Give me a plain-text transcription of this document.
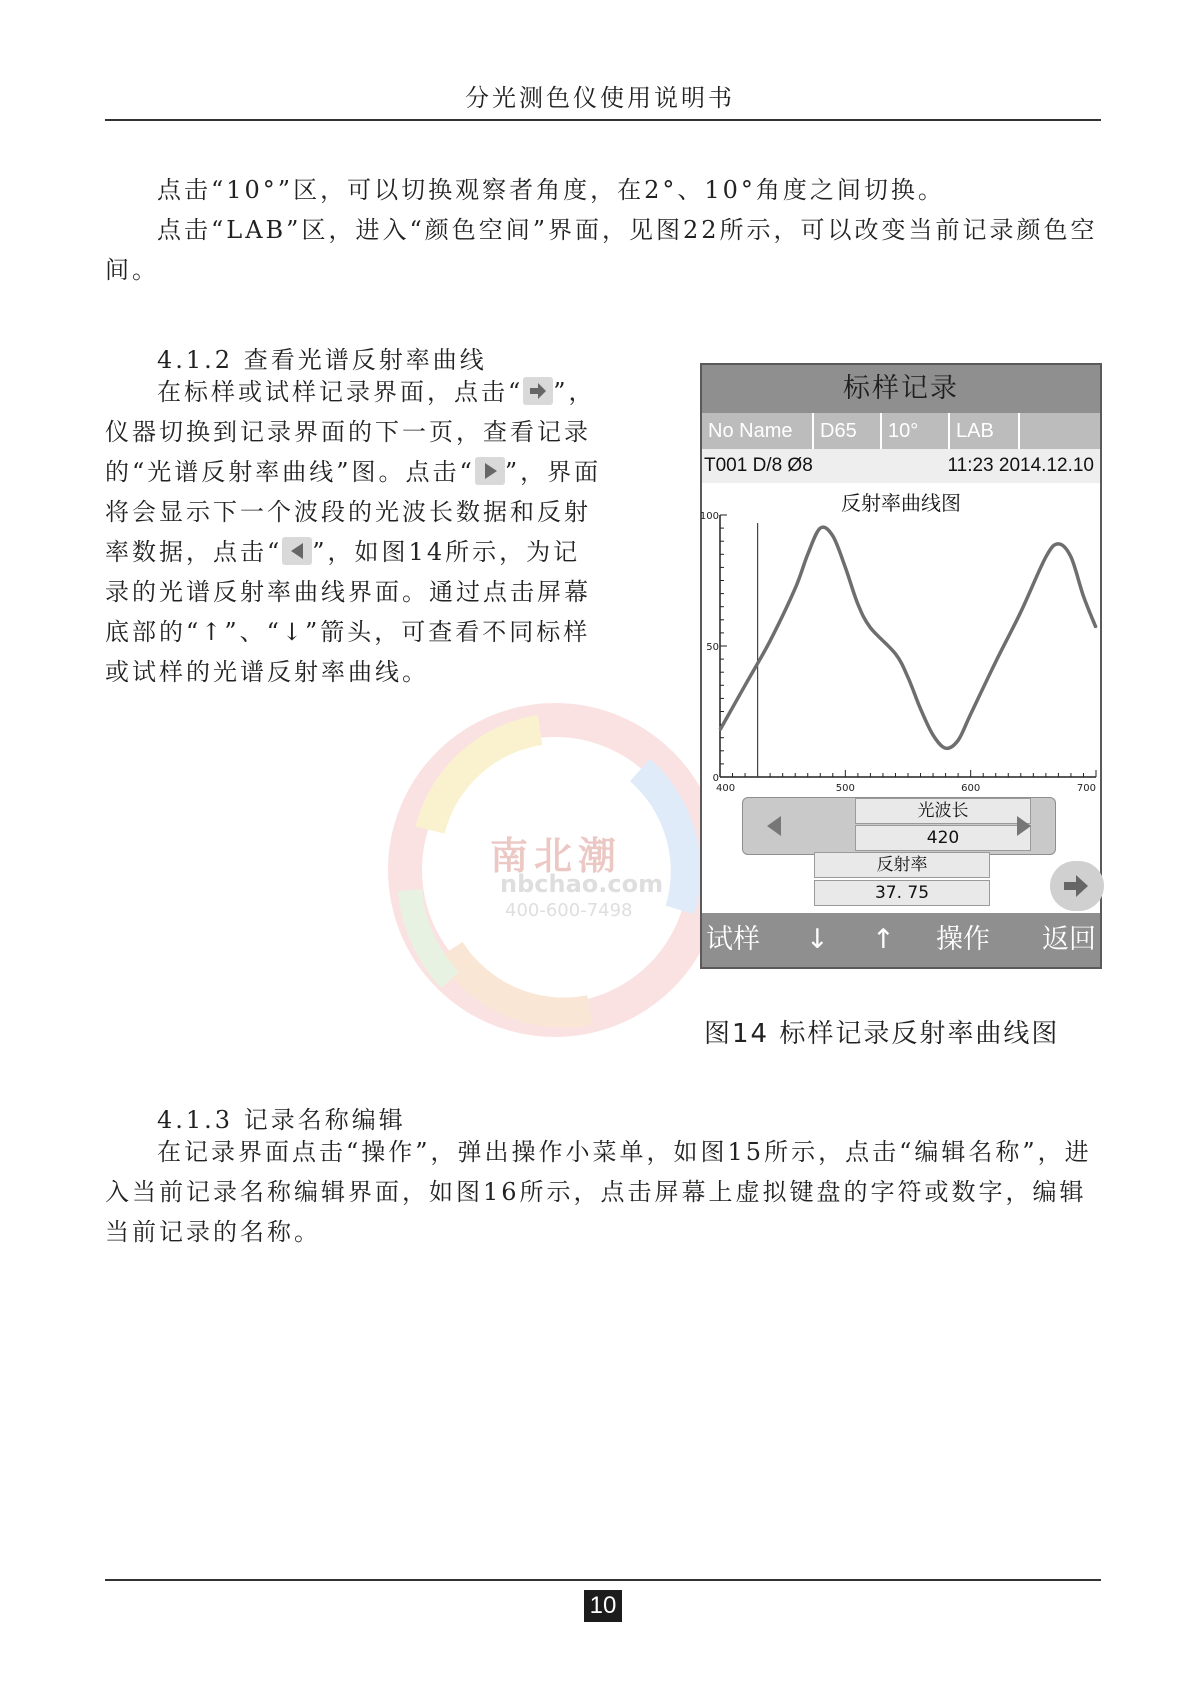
分光测色仪使用说明书

点击“10°”区，可以切换观察者角度，在2°、10°角度之间切换。

点击“LAB”区，进入“颜色空间”界面，见图22所示，可以改变当前记录颜色空间。

4.1.2 查看光谱反射率曲线

在标样或试样记录界面，点击“ ”，仪器切换到记录界面的下一页，查看记录的“光谱反射率曲线”图。点击“ ”，界面将会显示下一个波段的光波长数据和反射率数据，点击“ ”，如图14所示，为记录的光谱反射率曲线界面。通过点击屏幕底部的“↑”、“↓”箭头，可查看不同标样或试样的光谱反射率曲线。

南北潮
nbchao.com
400-600-7498
标样记录
No Name	D65	10°	LAB
T001 D/8 Ø8	11:23 2014.12.10
反射率曲线图
0
50
100
400	500	600	700
光波长
420
反射率
37. 75
试样 ↓ ↑ 操作 返回
图14 标样记录反射率曲线图
4.1.3 记录名称编辑

在记录界面点击“操作”，弹出操作小菜单，如图15所示，点击“编辑名称”，进入当前记录名称编辑界面，如图16所示，点击屏幕上虚拟键盘的字符或数字，编辑当前记录的名称。

10
